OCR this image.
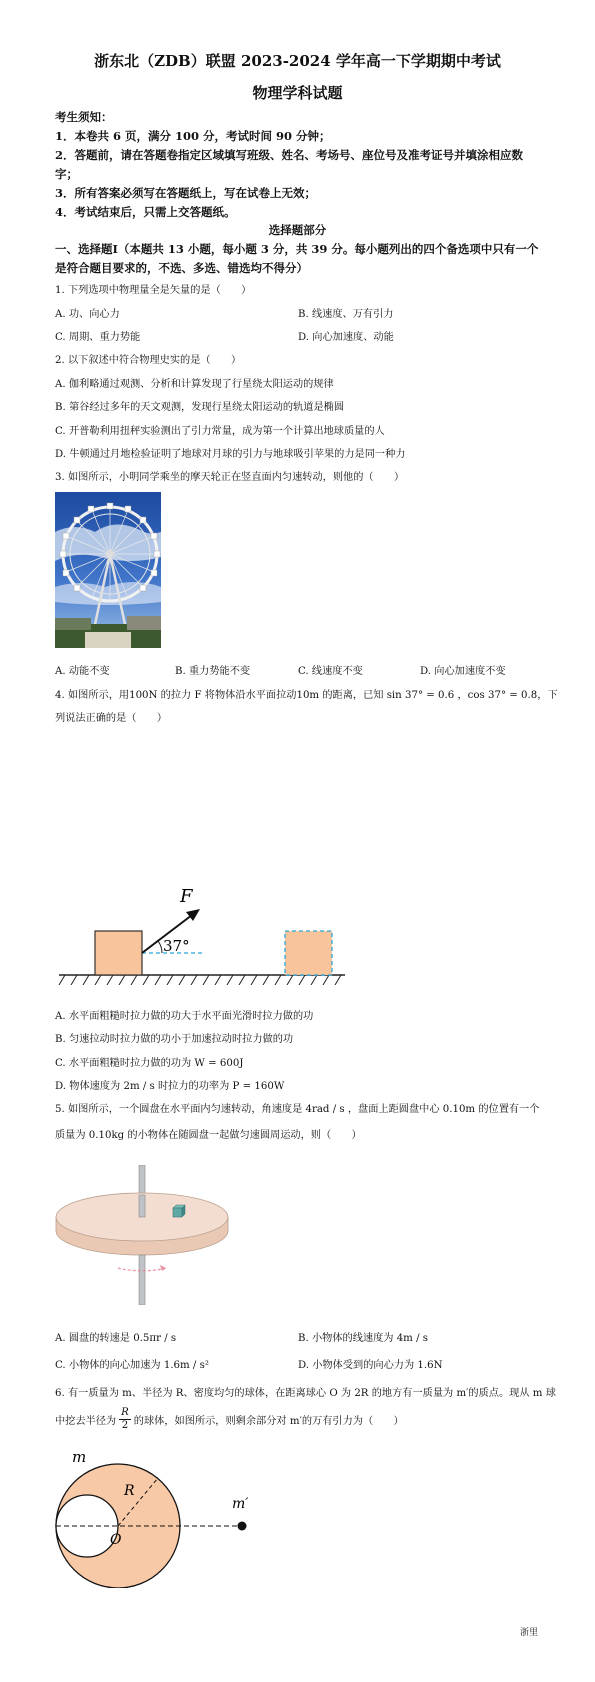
浙东北（ZDB）联盟 2023-2024 学年高一下学期期中考试
物理学科试题
考生须知：
1．本卷共 6 页，满分 100 分，考试时间 90 分钟；
2．答题前，请在答题卷指定区域填写班级、姓名、考场号、座位号及准考证号并填涂相应数
字；
3．所有答案必须写在答题纸上，写在试卷上无效；
4．考试结束后，只需上交答题纸。
选择题部分
一、选择题Ⅰ（本题共 13 小题，每小题 3 分，共 39 分。每小题列出的四个备选项中只有一个
是符合题目要求的，不选、多选、错选均不得分）
1. 下列选项中物理量全是矢量的是（　　）
A. 功、向心力	B. 线速度、万有引力
C. 周期、重力势能	D. 向心加速度、动能
2. 以下叙述中符合物理史实的是（　　）
A. 伽利略通过观测、分析和计算发现了行星绕太阳运动的规律
B. 第谷经过多年的天文观测，发现行星绕太阳运动的轨道是椭圆
C. 开普勒利用扭秤实验测出了引力常量，成为第一个计算出地球质量的人
D. 牛顿通过月地检验证明了地球对月球的引力与地球吸引苹果的力是同一种力
3. 如图所示，小明同学乘坐的摩天轮正在竖直面内匀速转动，则他的（　　）
A. 动能不变	B. 重力势能不变	C. 线速度不变	D. 向心加速度不变
4. 如图所示，用100N 的拉力 F 将物体沿水平面拉动10m 的距离，已知 sin 37° = 0.6 ，cos 37° = 0.8，下
列说法正确的是（　　）
F
37°
A. 水平面粗糙时拉力做的功大于水平面光滑时拉力做的功
B. 匀速拉动时拉力做的功小于加速拉动时拉力做的功
C. 水平面粗糙时拉力做的功为 W = 600J
D. 物体速度为 2m / s 时拉力的功率为 P = 160W
5. 如图所示，一个圆盘在水平面内匀速转动，角速度是 4rad / s ，盘面上距圆盘中心 0.10m 的位置有一个
质量为 0.10kg 的小物体在随圆盘一起做匀速圆周运动，则（　　）
A. 圆盘的转速是 0.5πr / s	B. 小物体的线速度为 4m / s
C. 小物体的向心加速为 1.6m / s²	D. 小物体受到的向心力为 1.6N
6. 有一质量为 m、半径为 R、密度均匀的球体，在距离球心 O 为 2R 的地方有一质量为 m′的质点。现从 m 球
中挖去半径为 $\frac{R}{2}$ 的球体，如图所示，则剩余部分对 m′的万有引力为（　　）
m
R
O
m′
浙里
